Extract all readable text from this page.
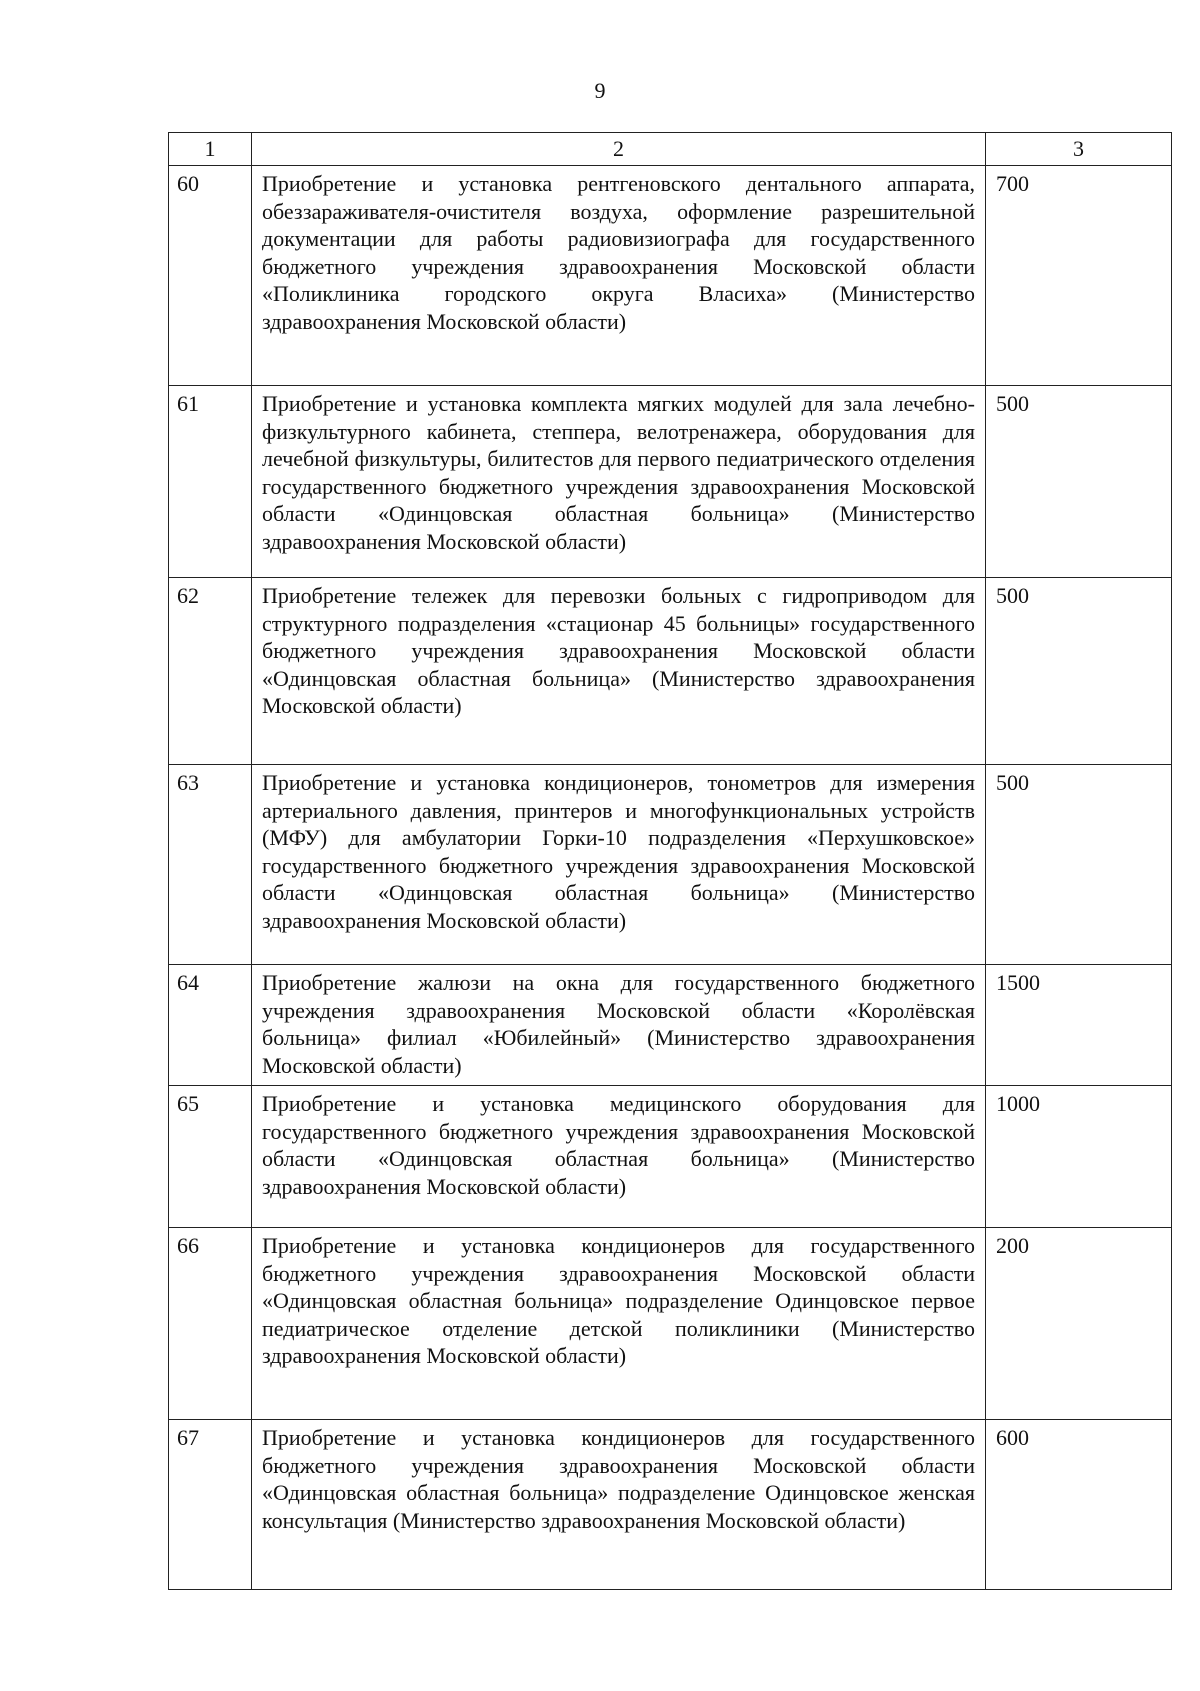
9
1	2	3
60	Приобретение и установка рентгеновского дентального аппарата, обеззараживателя-очистителя воздуха, оформление разрешительной документации для работы радиовизиографа для государственного бюджетного учреждения здравоохранения Московской области «Поликлиника городского округа Власиха» (Министерство здравоохранения Московской области)	700
61	Приобретение и установка комплекта мягких модулей для зала лечебно-физкультурного кабинета, степпера, велотренажера, оборудования для лечебной физкультуры, билитестов для первого педиатрического отделения государственного бюджетного учреждения здравоохранения Московской области «Одинцовская областная больница» (Министерство здравоохранения Московской области)	500
62	Приобретение тележек для перевозки больных с гидроприводом для структурного подразделения «стационар 45 больницы» государственного бюджетного учреждения здравоохранения Московской области «Одинцовская областная больница» (Министерство здравоохранения Московской области)	500
63	Приобретение и установка кондиционеров, тонометров для измерения артериального давления, принтеров и многофункциональных устройств (МФУ) для амбулатории Горки-10 подразделения «Перхушковское» государственного бюджетного учреждения здравоохранения Московской области «Одинцовская областная больница» (Министерство здравоохранения Московской области)	500
64	Приобретение жалюзи на окна для государственного бюджетного учреждения здравоохранения Московской области «Королёвская больница» филиал «Юбилейный» (Министерство здравоохранения Московской области)	1500
65	Приобретение и установка медицинского оборудования для государственного бюджетного учреждения здравоохранения Московской области «Одинцовская областная больница» (Министерство здравоохранения Московской области)	1000
66	Приобретение и установка кондиционеров для государственного бюджетного учреждения здравоохранения Московской области «Одинцовская областная больница» подразделение Одинцовское первое педиатрическое отделение детской поликлиники (Министерство здравоохранения Московской области)	200
67	Приобретение и установка кондиционеров для государственного бюджетного учреждения здравоохранения Московской области «Одинцовская областная больница» подразделение Одинцовское женская консультация (Министерство здравоохранения Московской области)	600
